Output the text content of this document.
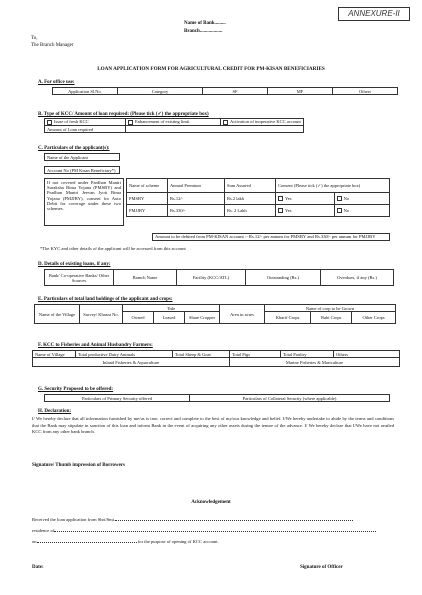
ANNEXURE-II
Name of Bank.........
Branch..................
To,
The Branch Manager
LOAN APPLICATION FORM FOR AGRICULTURAL CREDIT FOR PM-KISAN BENEFICIARIES
A. For office use:
Application Sl.No.	Category	SF	MF	Others
B. Type of KCC/ Amount of loan required: (Please tick (✓) the appropriate box)
Issue of fresh KCC	Enhancement of existing limit	Activation of inoperative KCC account
Amount of Loan required		
C. Particulars of the applicant(s):
Name of the Applicant
Account No (PM Kisan Beneficiary*)
If not covered under Pardhan Mantri Suraksha Bima Yojana (PMSBY) and Pradhan Mantri Jeevan Jyoti Bima Yojana (PMJJBY), consent for Auto Debit for coverage under these two schemes.
Name of scheme	Annual Premium	Sum Assured	Consent (Please tick (✓) the appropriate box)	
PMSBY	Rs.12/-	Rs.2 lakh	Yes	No
PMJJBY	Rs.330/-	Rs. 2 Lakh	Yes	No
Amount to be debited from PM-KISAN account :- Rs.12/- per annum for PMSBY and Rs.330/- per annum for PMJJBY
*The KYC and other details of the applicant will be accessed from this account
D. Details of existing loans, if any:
Bank/ Co-operative Banks/ Other Sources	Branch Name	Facility (KCC/ATL)	Outstanding (Rs.)	Overdues, if any (Rs.)
E. Particulars of total land holdings of the applicant and crops:
Name of the Village	Survey/ Khasra No.	Title			Area in acres	Name of crop to be Grown		
		Owned	Leased	Share Cropper		Kharif Crops	Rabi Crops	Other Crops
F. KCC to Fisheries and Animal Husbandry Farmers:
Name of Village	Total productive Dairy Animals	Total Sheep & Goat	Total Pigs	Total Poultry	Others
Inland Fisheries & Aquaculture			Marine Fisheries & Mariculture		
G. Security Proposed to be offered:
Particulars of Primary Security offered	Particulars of Collateral Security (where applicable)
H. Declaration:
I/ We hereby declare that all information furnished by me/us is true, correct and complete to the best of my/our knowledge and belief. I/We hereby undertake to abide by the terms and conditions that the Bank may stipulate in sanction of this loan and inform Bank in the event of acquiring any other assets during the tenure of the advance. I/ We hereby declare that I/We have not availed KCC from any other bank branch.
Signature/ Thumb impression of Borrowers
Acknowledgement
Received the loan application from Shri/Smt.
residence of
on	for the purpose of opening of KCC account.
Date:	Signature of Officer
